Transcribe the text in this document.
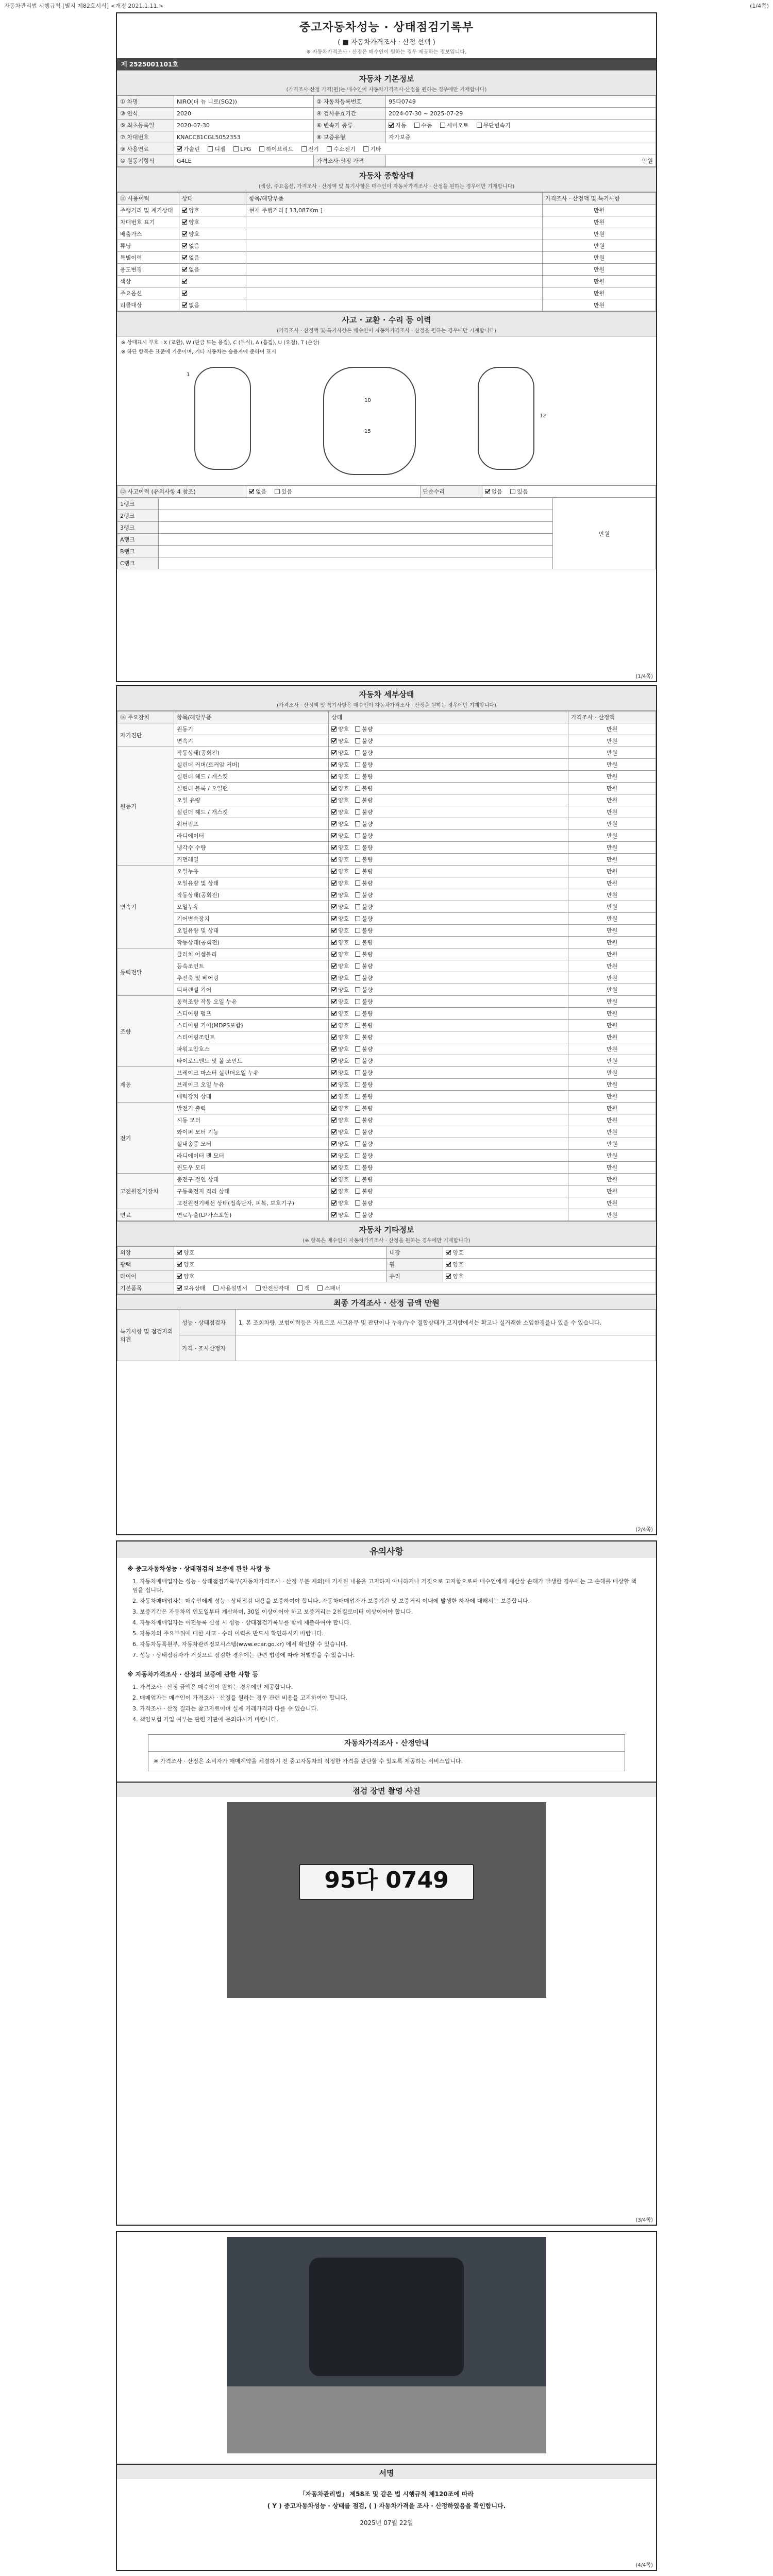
자동차관리법 시행규칙 [별지 제82호서식] <개정 2021.1.11.>	(1/4쪽)
중고자동차성능 · 상태점검기록부
( ■ 자동차가격조사 · 산정 선택 )
※ 자동차가격조사 · 산정은 매수인이 원하는 경우 제공하는 정보입니다.
제 2525001101호
자동차 기본정보
(가격조사·산정 가격(원)는 매수인이 자동차가격조사·산정을 원하는 경우에만 기재합니다)
① 차명	NIRO(더 뉴 니로(SG2))	② 자동차등록번호	95다0749
③ 연식	2020	④ 검사유효기간	2024-07-30 ~ 2025-07-29
⑤ 최초등록일	2020-07-30	⑥ 변속기 종류	자동 수동 세미오토 무단변속기
⑦ 차대번호	KNACC81CGL5052353	⑧ 보증유형	자가보증
⑨ 사용연료	가솔린 디젤 LPG 하이브리드 전기 수소전기 기타		
⑩ 원동기형식	G4LE	가격조사·산정 가격	만원
자동차 종합상태
(색상, 주요옵션, 가격조사 · 산정액 및 특기사항은 매수인이 자동차가격조사 · 산정을 원하는 경우에만 기재합니다)
⑪ 사용이력	상태	항목/해당부품	가격조사 · 산정액 및 특기사항
주행거리 및 계기상태	양호	현재 주행거리 [ 13,087Km ]	만원
차대번호 표기	양호		만원
배출가스	양호		만원
튜닝	없음		만원
특별이력	없음		만원
용도변경	없음		만원
색상			만원
주요옵션			만원
리콜대상	없음		만원
사고 · 교환 · 수리 등 이력
(가격조사 · 산정액 및 특기사항은 매수인이 자동차가격조사 · 산정을 원하는 경우에만 기재합니다)
※ 상태표시 부호 : X (교환), W (판금 또는 용접), C (부식), A (흠집), U (요철), T (손상)
※ 하단 항목은 표준에 기준이며, 기타 자동차는 승용자에 준하여 표시
1
10
15
12
⑫ 사고이력 (유의사항 4 참조)	없음	있음	단순수리	없음	있음
1랭크		만원
2랭크		
3랭크		
A랭크		
B랭크		
C랭크		
(1/4쪽)
자동차 세부상태
(가격조사 · 산정액 및 특기사항은 매수인이 자동차가격조사 · 산정을 원하는 경우에만 기재합니다)
⑭ 주요장치	항목/해당부품	상태	가격조사 · 산정액
자기진단	원동기	양호 불량	만원
	변속기	양호 불량	만원
원동기	작동상태(공회전)	양호 불량	만원
	실린더 커버(로커암 커버)	양호 불량	만원
	실린더 헤드 / 개스킷	양호 불량	만원
	실린더 블록 / 오일팬	양호 불량	만원
	오일 유량	양호 불량	만원
	실린더 헤드 / 개스킷	양호 불량	만원
	워터펌프	양호 불량	만원
	라디에이터	양호 불량	만원
	냉각수 수량	양호 불량	만원
	커먼레일	양호 불량	만원
변속기	오일누유	양호 불량	만원
	오일유량 및 상태	양호 불량	만원
	작동상태(공회전)	양호 불량	만원
	오일누유	양호 불량	만원
	기어변속장치	양호 불량	만원
	오일유량 및 상태	양호 불량	만원
	작동상태(공회전)	양호 불량	만원
동력전달	클러치 어셈블리	양호 불량	만원
	등속조인트	양호 불량	만원
	추진축 및 베어링	양호 불량	만원
	디퍼렌셜 기어	양호 불량	만원
조향	동력조향 작동 오일 누유	양호 불량	만원
	스티어링 펌프	양호 불량	만원
	스티어링 기어(MDPS포함)	양호 불량	만원
	스티어링조인트	양호 불량	만원
	파워고압호스	양호 불량	만원
	타이로드엔드 및 볼 조인트	양호 불량	만원
제동	브레이크 마스터 실린더오일 누유	양호 불량	만원
	브레이크 오일 누유	양호 불량	만원
	배력장치 상태	양호 불량	만원
전기	발전기 출력	양호 불량	만원
	시동 모터	양호 불량	만원
	와이퍼 모터 기능	양호 불량	만원
	실내송풍 모터	양호 불량	만원
	라디에이터 팬 모터	양호 불량	만원
	윈도우 모터	양호 불량	만원
고전원전기장치	충전구 절연 상태	양호 불량	만원
	구동축전지 격리 상태	양호 불량	만원
	고전원전기배선 상태(접속단자, 피복, 보호기구)	양호 불량	만원
연료	연료누출(LP가스포함)	양호 불량	만원
자동차 기타정보
(※ 항목은 매수인이 자동차가격조사 · 산정을 원하는 경우에만 기재합니다)
외장	양호	내장	양호
광택	양호	휠	양호
타이어	양호	유리	양호
기본품목	보유상태 사용설명서 안전삼각대 잭 스패너		
최종 가격조사 · 산정 금액 만원
특기사항 및 점검자의 의견	성능 · 상태점검자	1. 본 조회차량, 보험이력등은 자료으로 사고유무 및 판단이나 누유/누수 결합상태가 고지함에서는 확고나 실거래한 소임한경을나 있을 수 있습니다.
	가격 · 조사산정자	
(2/4쪽)
유의사항
※ 중고자동차성능 · 상태점검의 보증에 관한 사항 등
1. 자동차매매업자는 성능 · 상태점검기록부(자동차가격조사 · 산정 부분 제외)에 기재된 내용을 고지하지 아니하거나 거짓으로 고지함으로써 매수인에게 재산상 손해가 발생한 경우에는 그 손해를 배상할 책임을 집니다.
2. 자동차매매업자는 매수인에게 성능 · 상태점검 내용을 보증하여야 합니다. 자동차매매업자가 보증기간 및 보증거리 이내에 발생한 하자에 대해서는 보증합니다.
3. 보증기간은 자동차의 인도일부터 계산하며, 30일 이상이어야 하고 보증거리는 2천킬로미터 이상이어야 합니다.
4. 자동차매매업자는 이전등록 신청 시 성능 · 상태점검기록부를 함께 제출하여야 합니다.
5. 자동차의 주요부위에 대한 사고 · 수리 이력을 반드시 확인하시기 바랍니다.
6. 자동차등록원부, 자동차관리정보시스템(www.ecar.go.kr) 에서 확인할 수 있습니다.
7. 성능 · 상태점검자가 거짓으로 점검한 경우에는 관련 법령에 따라 처벌받을 수 있습니다.
※ 자동차가격조사 · 산정의 보증에 관한 사항 등
1. 가격조사 · 산정 금액은 매수인이 원하는 경우에만 제공합니다.
2. 매매업자는 매수인이 가격조사 · 산정을 원하는 경우 관련 비용을 고지하여야 합니다.
3. 가격조사 · 산정 결과는 참고자료이며 실제 거래가격과 다를 수 있습니다.
4. 책임보험 가입 여부는 관련 기관에 문의하시기 바랍니다.
자동차가격조사 · 산정안내
※ 가격조사 · 산정은 소비자가 매매계약을 체결하기 전 중고자동차의 적정한 가격을 판단할 수 있도록 제공하는 서비스입니다.
점검 장면 촬영 사진
95다 0749
(3/4쪽)
서명
「자동차관리법」 제58조 및 같은 법 시행규칙 제120조에 따라
( Y ) 중고자동차성능 · 상태를 점검, ( ) 자동차가격을 조사 · 산정하였음을 확인합니다.
2025년 07월 22일
(4/4쪽)
